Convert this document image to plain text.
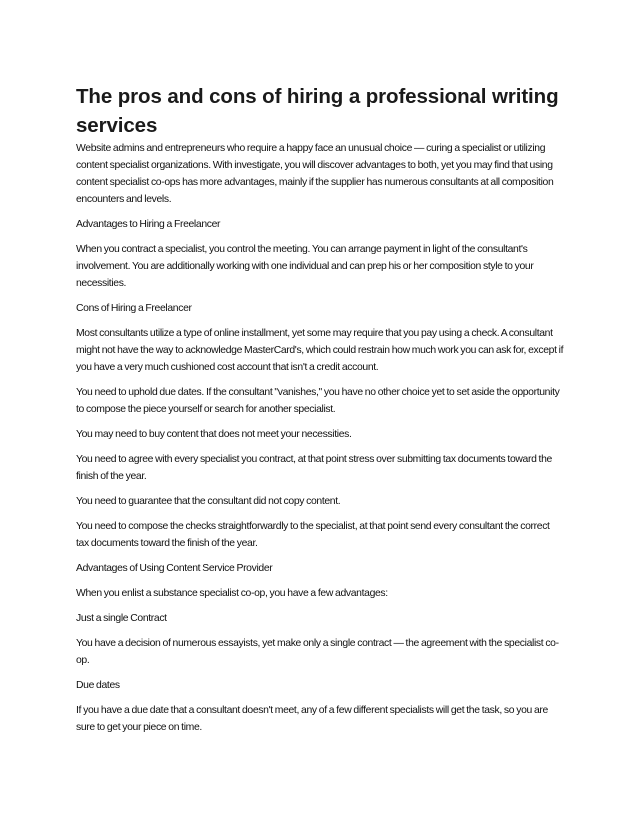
The pros and cons of hiring a professional writing services

Website admins and entrepreneurs who require a happy face an unusual choice — curing a specialist or utilizing content specialist organizations. With investigate, you will discover advantages to both, yet you may find that using content specialist co-ops has more advantages, mainly if the supplier has numerous consultants at all composition encounters and levels.

Advantages to Hiring a Freelancer

When you contract a specialist, you control the meeting. You can arrange payment in light of the consultant's involvement. You are additionally working with one individual and can prep his or her composition style to your necessities.

Cons of Hiring a Freelancer

Most consultants utilize a type of online installment, yet some may require that you pay using a check. A consultant might not have the way to acknowledge MasterCard's, which could restrain how much work you can ask for, except if you have a very much cushioned cost account that isn't a credit account.

You need to uphold due dates. If the consultant "vanishes," you have no other choice yet to set aside the opportunity to compose the piece yourself or search for another specialist.

You may need to buy content that does not meet your necessities.

You need to agree with every specialist you contract, at that point stress over submitting tax documents toward the finish of the year.

You need to guarantee that the consultant did not copy content.

You need to compose the checks straightforwardly to the specialist, at that point send every consultant the correct tax documents toward the finish of the year.

Advantages of Using Content Service Provider

When you enlist a substance specialist co-op, you have a few advantages:

Just a single Contract

You have a decision of numerous essayists, yet make only a single contract — the agreement with the specialist co-op.

Due dates

If you have a due date that a consultant doesn't meet, any of a few different specialists will get the task, so you are sure to get your piece on time.
